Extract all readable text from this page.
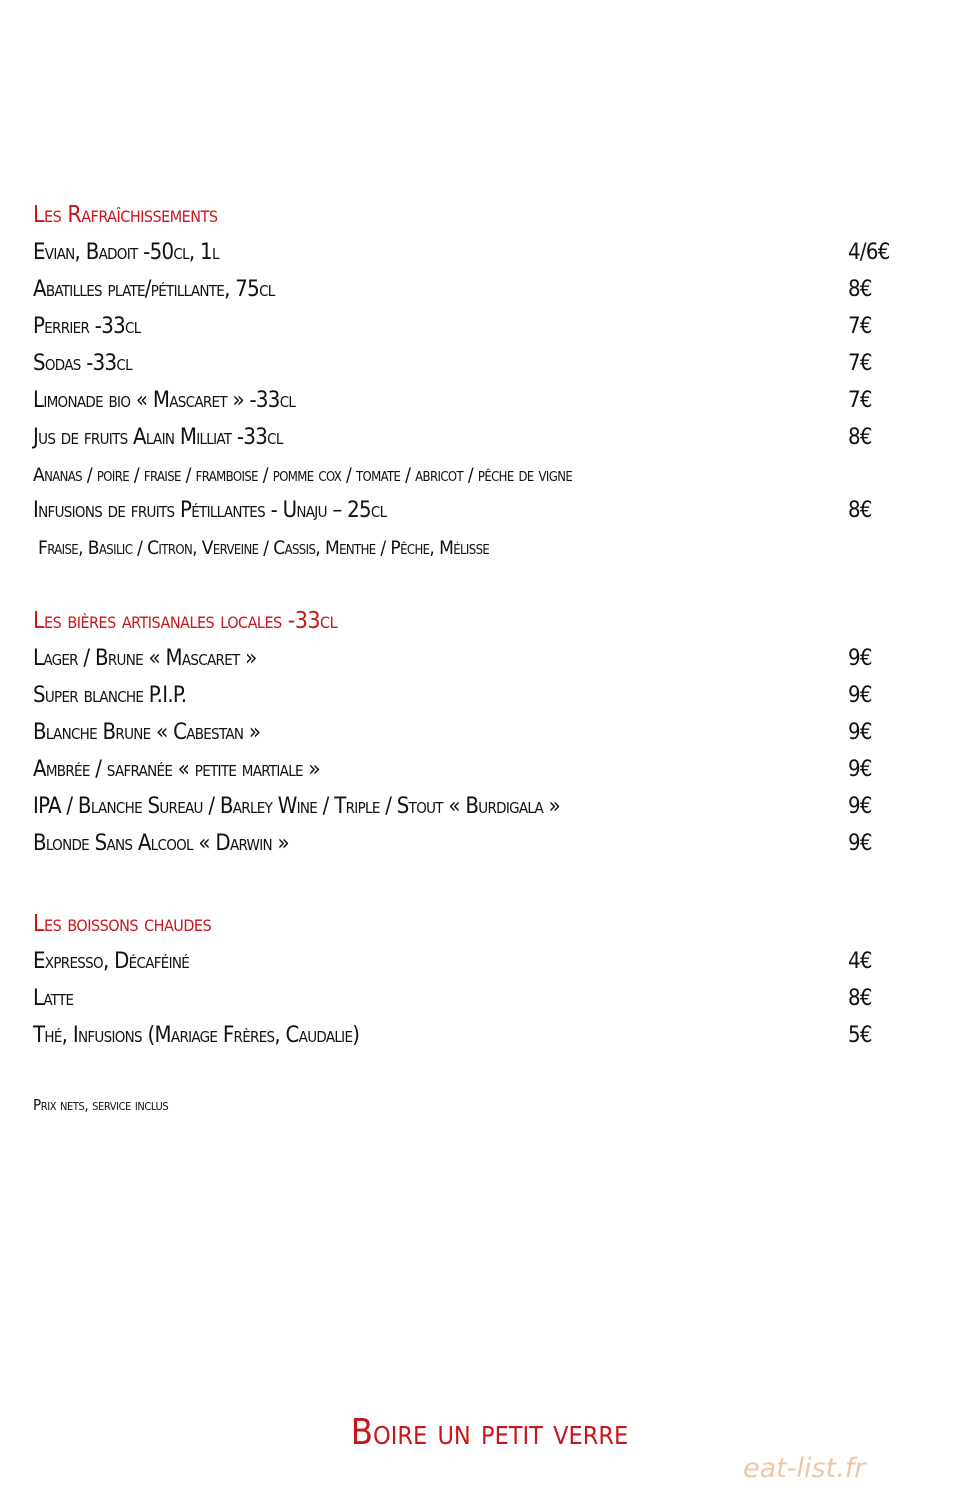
Les Rafraîchissements
Evian, Badoit -50cl, 1l	4/6€
Abatilles plate/pétillante, 75cl	8€
Perrier -33cl	7€
Sodas -33cl	7€
Limonade bio « Mascaret » -33cl	7€
Jus de fruits Alain Milliat -33cl	8€
Ananas / poire / fraise / framboise / pomme cox / tomate / abricot / pêche de vigne
Infusions de fruits Pétillantes - Unaju – 25cl	8€
Fraise, Basilic / Citron, Verveine / Cassis, Menthe / Pêche, Mélisse
Les bières artisanales locales -33cl
Lager / Brune « Mascaret »	9€
Super blanche P.I.P.	9€
Blanche Brune « Cabestan »	9€
Ambrée / safranée « petite martiale »	9€
IPA / Blanche Sureau / Barley Wine / Triple / Stout « Burdigala »	9€
Blonde Sans Alcool « Darwin »	9€
Les boissons chaudes
Expresso, Décaféiné	4€
Latte	8€
Thé, Infusions (Mariage Frères, Caudalie)	5€
Prix nets, service inclus
Boire un petit verre
eat-list.fr
